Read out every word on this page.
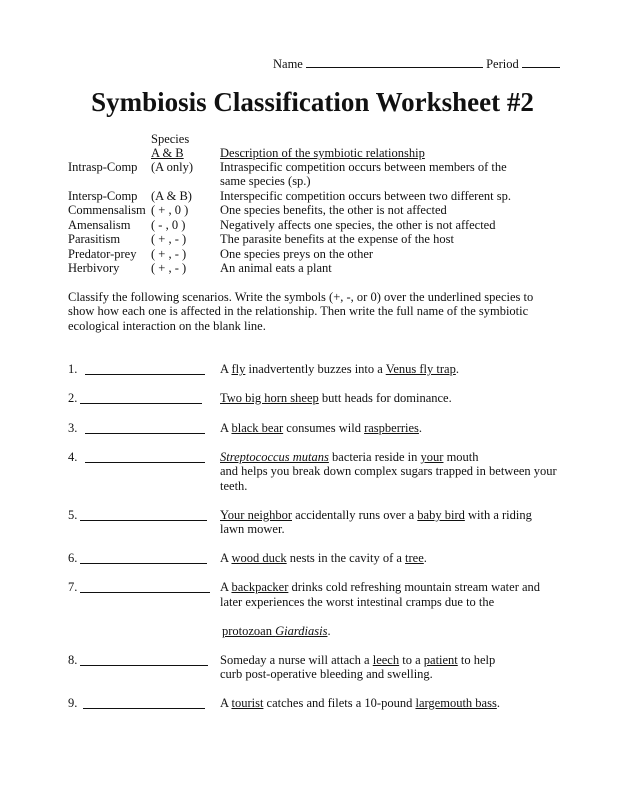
Name	Period
Symbiosis Classification Worksheet #2
Species
A & B	Description of the symbiotic relationship
Intrasp-Comp (A only) Intraspecific competition occurs between members of the
same species (sp.)
Intersp-Comp (A & B) Interspecific competition occurs between two different sp.
Commensalism ( + , 0 )	One species benefits, the other is not affected
Amensalism ( - , 0 )	Negatively affects one species, the other is not affected
Parasitism ( + , - )	The parasite benefits at the expense of the host
Predator-prey ( + , - )	One species preys on the other
Herbivory	( + , - )	An animal eats a plant
Classify the following scenarios. Write the symbols (+, -, or 0) over the underlined species to
show how each one is affected in the relationship. Then write the full name of the symbiotic
ecological interaction on the blank line.
1.	A fly inadvertently buzzes into a Venus fly trap.
2.	Two big horn sheep butt heads for dominance.
3.	A black bear consumes wild raspberries.
4.	Streptococcus mutans bacteria reside in your mouth
and helps you break down complex sugars trapped in between your
teeth.
5.	Your neighbor accidentally runs over a baby bird with a riding
lawn mower.
6.	A wood duck nests in the cavity of a tree.
7.	A backpacker drinks cold refreshing mountain stream water and
later experiences the worst intestinal cramps due to the
protozoan Giardiasis.
8.	Someday a nurse will attach a leech to a patient to help
curb post-operative bleeding and swelling.
9.	A tourist catches and filets a 10-pound largemouth bass.
